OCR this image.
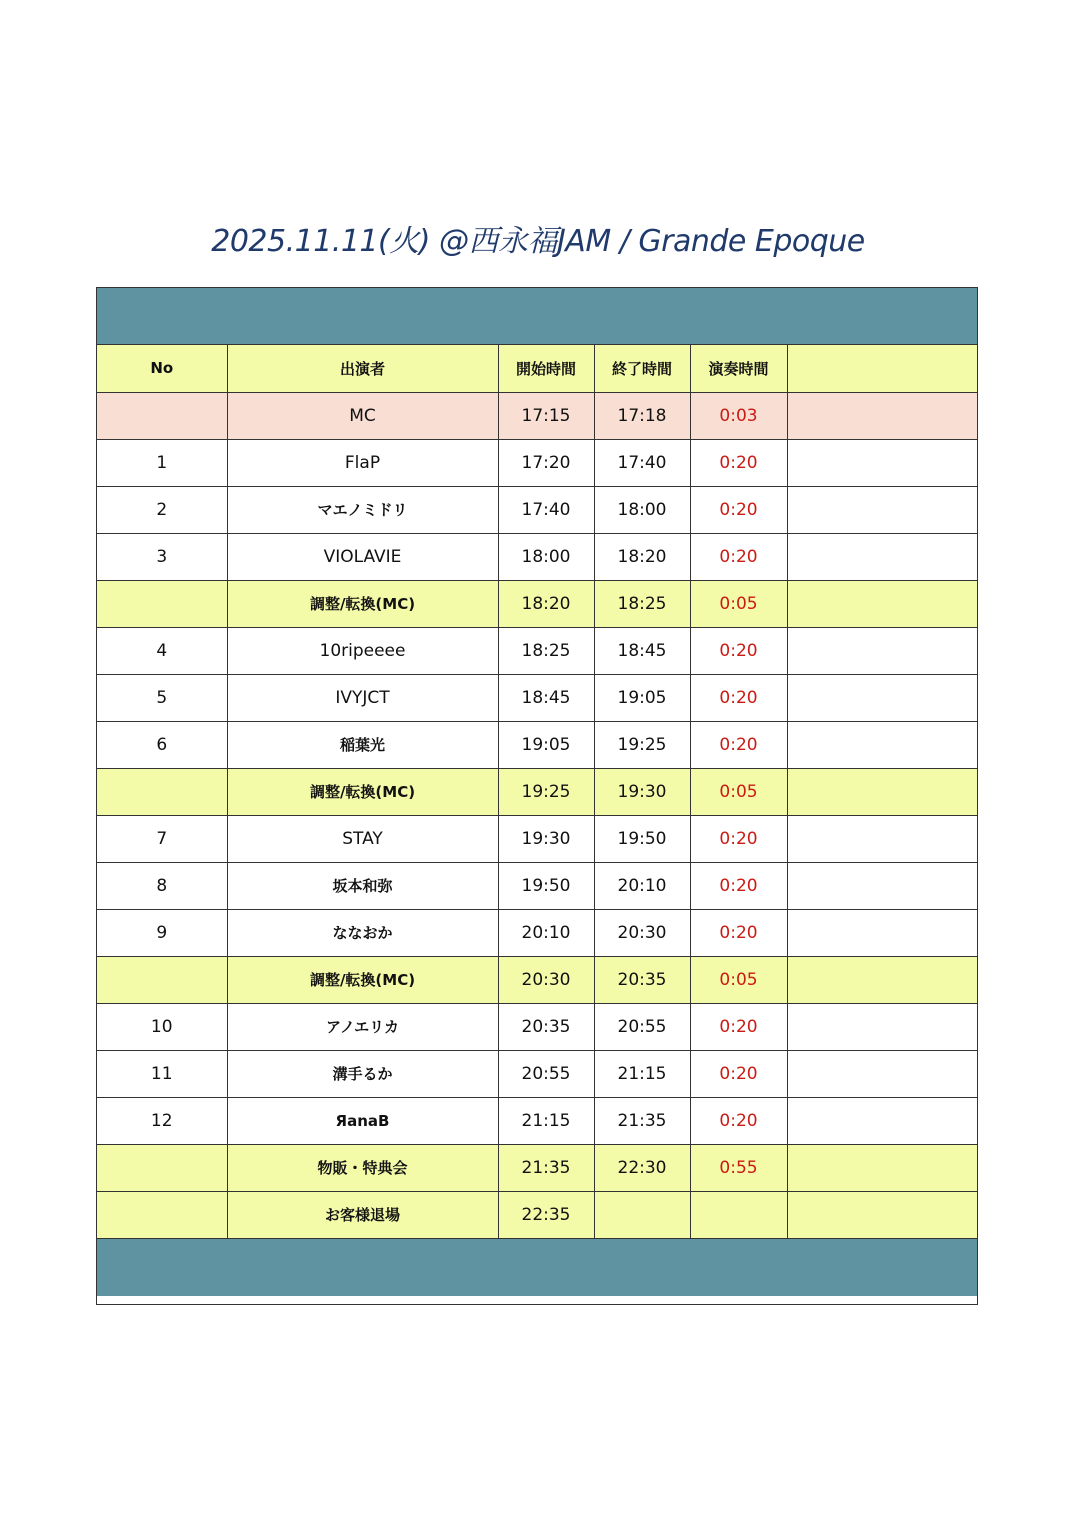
2025.11.11(火) @西永福JAM / Grande Epoque
No	出演者	開始時間	終了時間	演奏時間	
	MC	17:15	17:18	0:03	
1	FlaP	17:20	17:40	0:20	
2	マエノミドリ	17:40	18:00	0:20	
3	VIOLAVIE	18:00	18:20	0:20	
	調整/転換(MC)	18:20	18:25	0:05	
4	10ripeeee	18:25	18:45	0:20	
5	IVYJCT	18:45	19:05	0:20	
6	稲葉光	19:05	19:25	0:20	
	調整/転換(MC)	19:25	19:30	0:05	
7	STAY	19:30	19:50	0:20	
8	坂本和弥	19:50	20:10	0:20	
9	ななおか	20:10	20:30	0:20	
	調整/転換(MC)	20:30	20:35	0:05	
10	アノエリカ	20:35	20:55	0:20	
11	溝手るか	20:55	21:15	0:20	
12	ЯanaB	21:15	21:35	0:20	
	物販・特典会	21:35	22:30	0:55	
	お客様退場	22:35			
